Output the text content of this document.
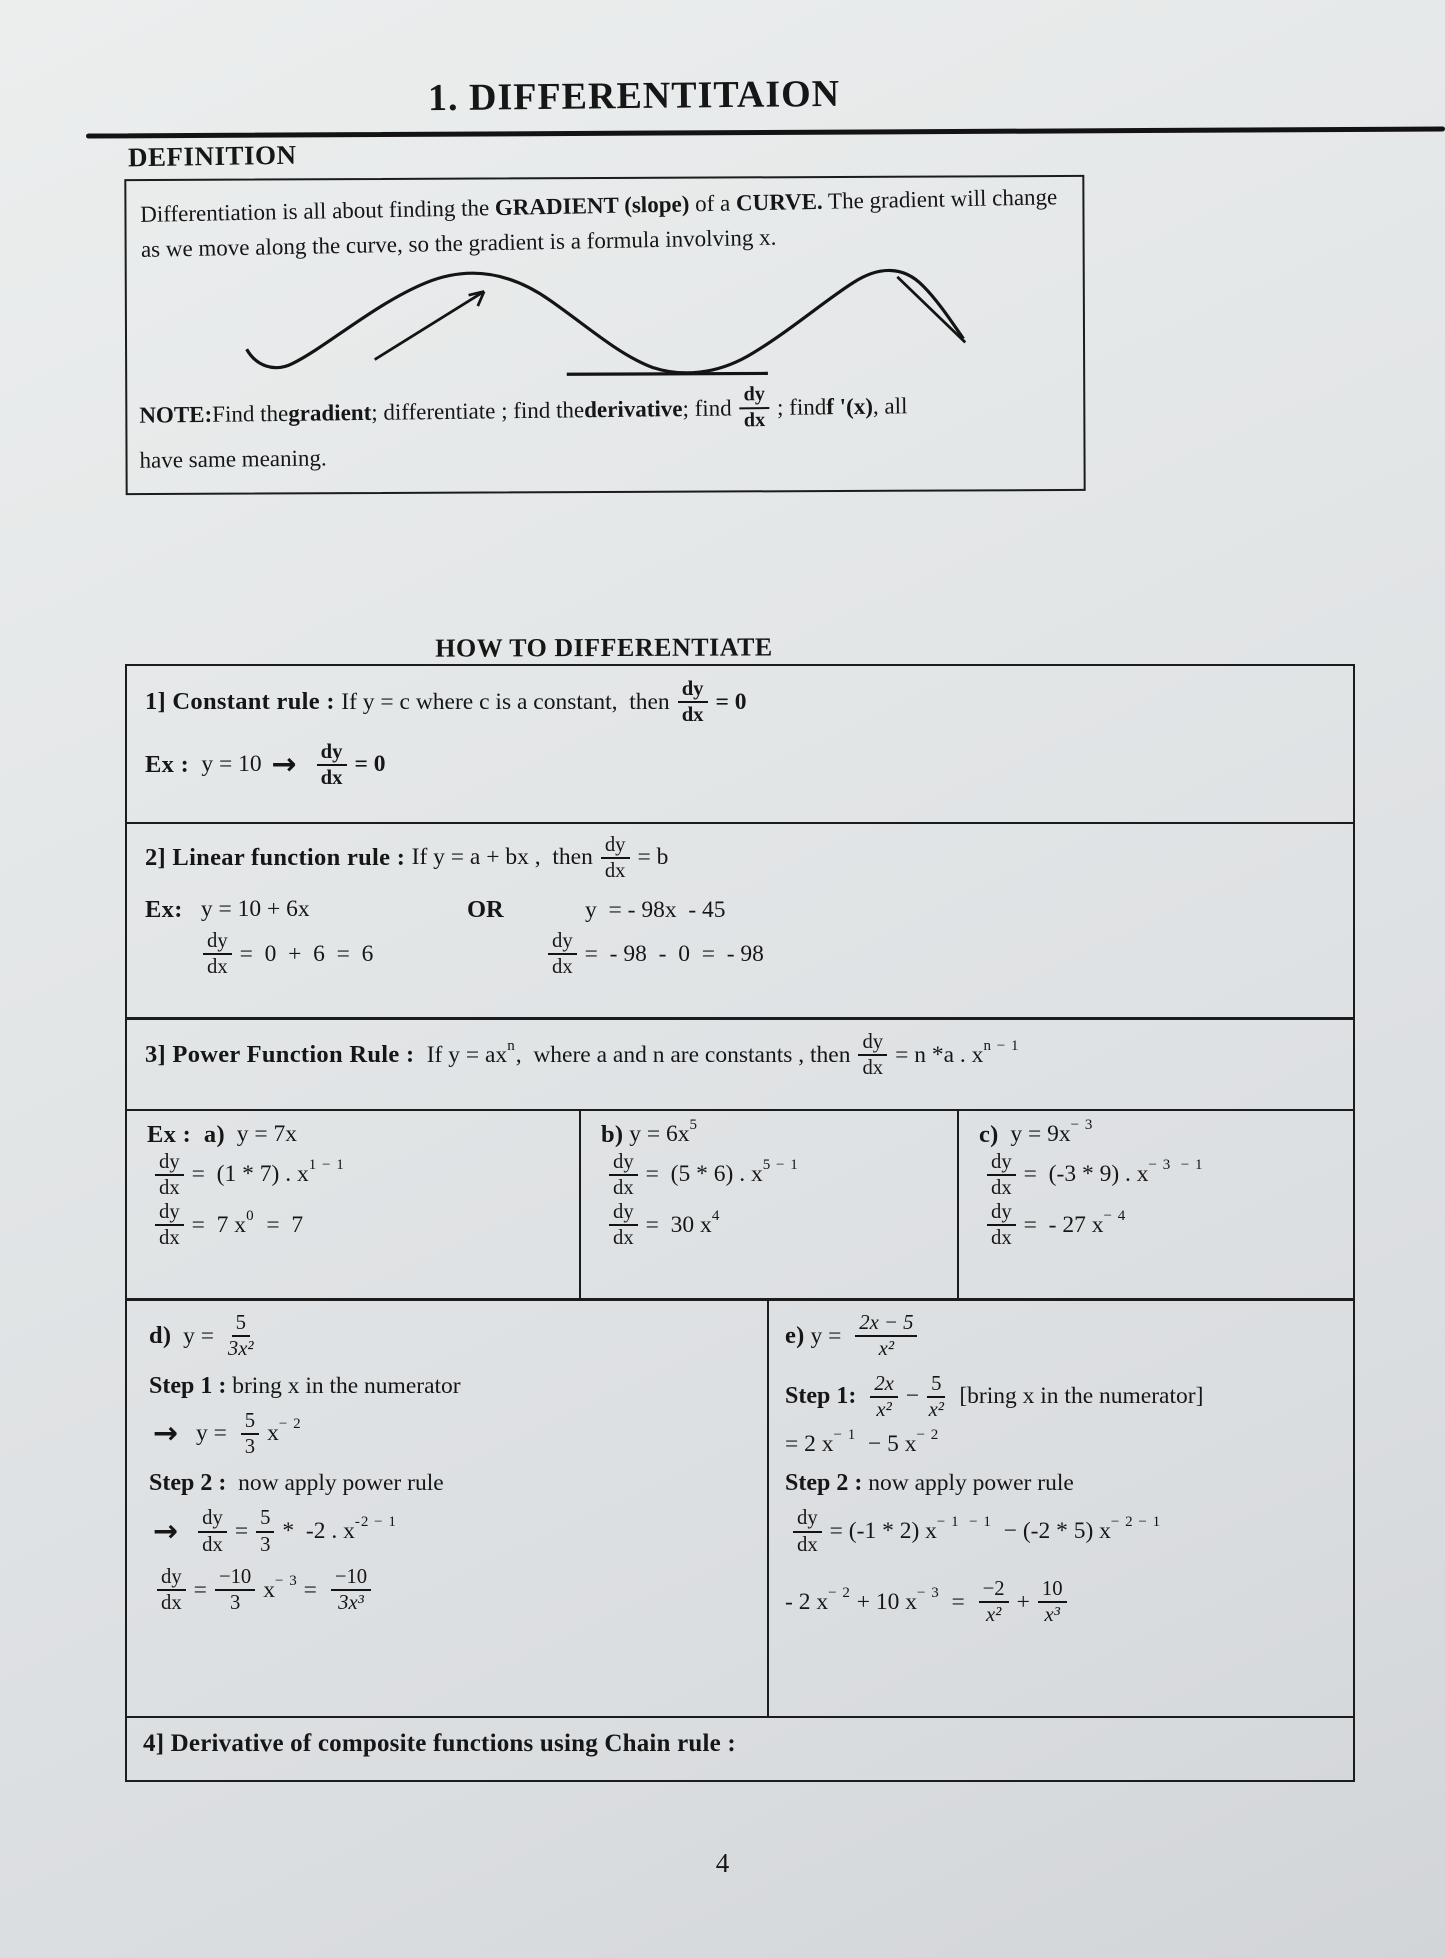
1. DIFFERENTITAION
DEFINITION

Differentiation is all about finding the GRADIENT (slope) of a CURVE. The gradient will change as we move along the curve, so the gradient is a formula involving x.

NOTE: Find the gradient ; differentiate ; find the derivative ; find $\frac{dy}{dx}$ ; find f '(x) , all
have same meaning.
HOW TO DIFFERENTIATE
1] Constant rule : If y = c where c is a constant,  then $\frac{dy}{dx} = 0$
Ex : $y = 10 \to \frac{dy}{dx} = 0$
2] Linear function rule : If y = a + bx ,  then $\frac{dy}{dx} = b$
Ex: y = 10 + 6x	OR	y  = - 98x  - 45
$\frac{dy}{dx} = 0 + 6 = 6$	$\frac{dy}{dx}$ =  - 98  -  0  =  - 98
3] Power Function Rule : If y = ax n ,  where a and n are constants , then $\frac{dy}{dx} = n$ *a . x n − 1
Ex :  a) y = 7x
$\frac{dy}{dx} = (1 * 7)$ . x 1 − 1
$\frac{dy}{dx} = 7$ x 0 =  7
b) y = 6x 5
$\frac{dy}{dx} = (5 * 6)$ . x 5 − 1
$\frac{dy}{dx} = 30$ x 4
c) y = 9x − 3
$\frac{dy}{dx} = (-3 * 9)$ . x − 3  − 1
$\frac{dy}{dx}$ =  - 27 x − 4
d) $y = \frac{5}{\text{3x²}}$
Step 1 : bring x in the numerator
→ $y = \frac{5}{3}$ x − 2
Step 2 : now apply power rule
→ $\frac{dy}{dx} = \frac{5}{3} * -2$ . x -2 − 1
$\frac{dy}{dx} = \frac{-10}{3}$ $x - 3 = \frac{-10}{\text{3x³}}$
e) $y = \frac{2x - 5}{\text{x²}}$
Step 1: $\frac{2x}{\text{x²}} - \frac{5}{\text{x²}}$ [bring x in the numerator]
= 2 x − 1 − 5 x − 2
Step 2 : now apply power rule
$\frac{dy}{dx} = (-1 * 2) x - 1 - 1 - (-2 * 5) x - 2 - 1$
- 2 x − 2 + 10 $x - 3 = \frac{-2}{\text{x²}} + \frac{10}{\text{x³}}$
4] Derivative of composite functions using Chain rule :
4
